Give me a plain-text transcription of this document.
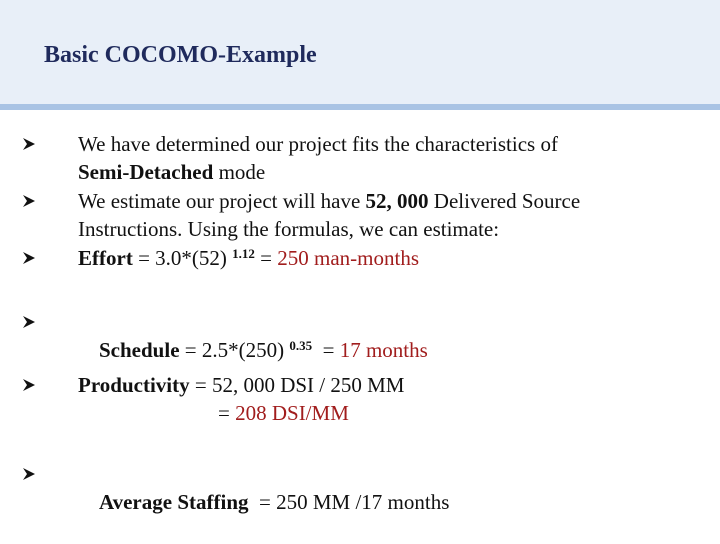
Basic COCOMO-Example
We have determined our project fits the characteristics of
Semi-Detached mode
We estimate our project will have 52, 000 Delivered Source Instructions. Using the formulas, we can estimate:
Effort = 3.0*(52) $^{1.12}$ = 250 man-months

Schedule = 2.5*(250) $^{0.35}$  = 17 months

Productivity = 52, 000 DSI / 250 MM
= 208 DSI/MM

Average Staffing  = 250 MM /17 months
